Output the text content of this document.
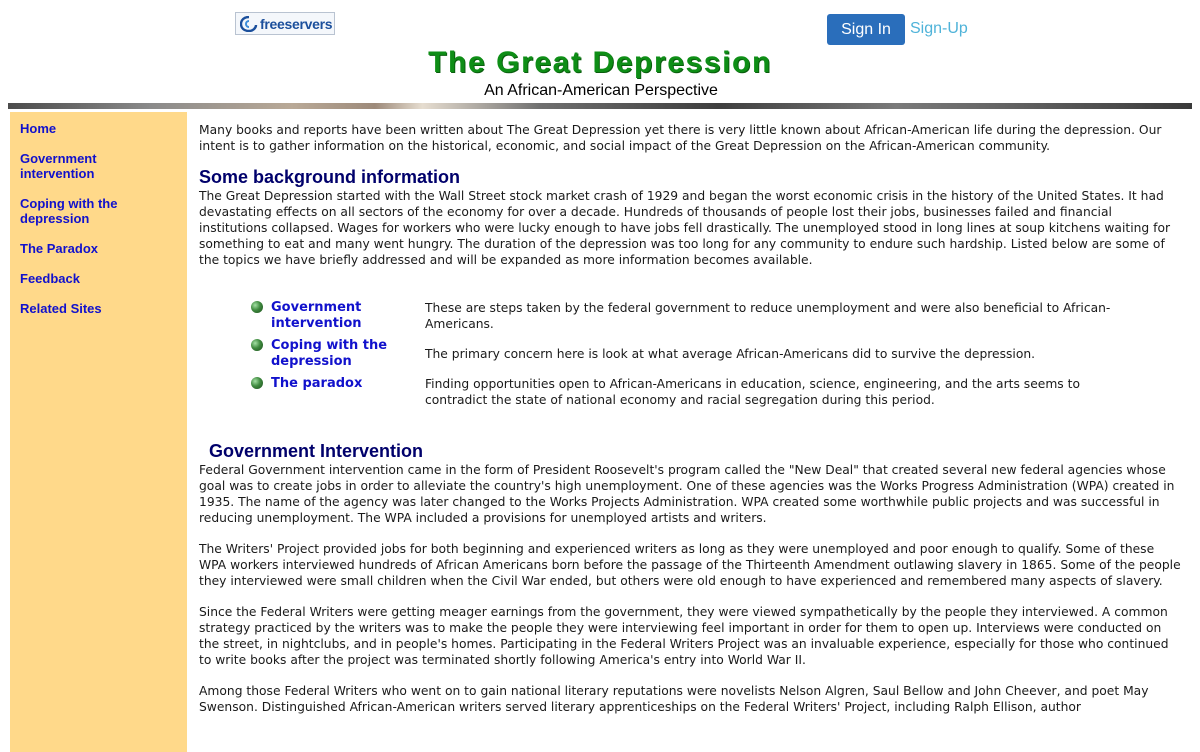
freeservers	Sign In	Sign-Up
The Great Depression
An African-American Perspective
Home
Government intervention
Coping with the depression
The Paradox
Feedback
Related Sites

Many books and reports have been written about The Great Depression yet there is very little known about African-American life during the depression. Our intent is to gather information on the historical, economic, and social impact of the Great Depression on the African-American community.

Some background information

The Great Depression started with the Wall Street stock market crash of 1929 and began the worst economic crisis in the history of the United States. It had devastating effects on all sectors of the economy for over a decade. Hundreds of thousands of people lost their jobs, businesses failed and financial institutions collapsed. Wages for workers who were lucky enough to have jobs fell drastically. The unemployed stood in long lines at soup kitchens waiting for something to eat and many went hungry. The duration of the depression was too long for any community to endure such hardship. Listed below are some of the topics we have briefly addressed and will be expanded as more information becomes available.

	Government intervention	These are steps taken by the federal government to reduce unemployment and were also beneficial to African-Americans.

	Coping with the depression	The primary concern here is look at what average African-Americans did to survive the depression.

	The paradox	Finding opportunities open to African-Americans in education, science, engineering, and the arts seems to contradict the state of national economy and racial segregation during this period.
Government Intervention

Federal Government intervention came in the form of President Roosevelt's program called the "New Deal" that created several new federal agencies whose goal was to create jobs in order to alleviate the country's high unemployment. One of these agencies was the Works Progress Administration (WPA) created in 1935. The name of the agency was later changed to the Works Projects Administration. WPA created some worthwhile public projects and was successful in reducing unemployment. The WPA included a provisions for unemployed artists and writers.

The Writers' Project provided jobs for both beginning and experienced writers as long as they were unemployed and poor enough to qualify. Some of these WPA workers interviewed hundreds of African Americans born before the passage of the Thirteenth Amendment outlawing slavery in 1865. Some of the people they interviewed were small children when the Civil War ended, but others were old enough to have experienced and remembered many aspects of slavery.

Since the Federal Writers were getting meager earnings from the government, they were viewed sympathetically by the people they interviewed. A common strategy practiced by the writers was to make the people they were interviewing feel important in order for them to open up. Interviews were conducted on the street, in nightclubs, and in people's homes. Participating in the Federal Writers Project was an invaluable experience, especially for those who continued to write books after the project was terminated shortly following America's entry into World War II.

Among those Federal Writers who went on to gain national literary reputations were novelists Nelson Algren, Saul Bellow and John Cheever, and poet May Swenson. Distinguished African-American writers served literary apprenticeships on the Federal Writers' Project, including Ralph Ellison, author
